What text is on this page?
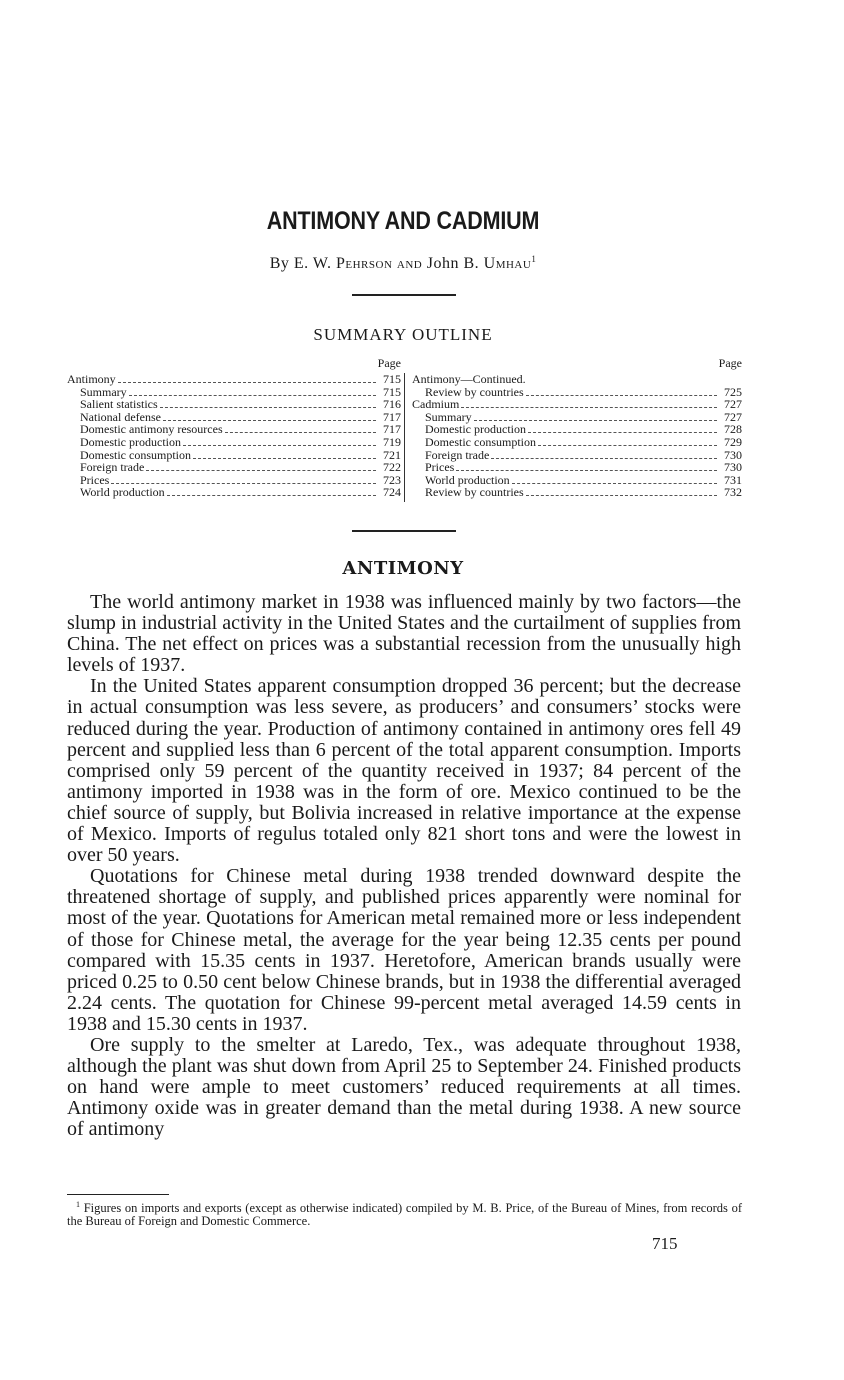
ANTIMONY AND CADMIUM
By E. W. Pehrson and John B. Umhau$^1$
SUMMARY OUTLINE
Page
Antimony	715
Summary	715
Salient statistics	716
National defense	717
Domestic antimony resources	717
Domestic production	719
Domestic consumption	721
Foreign trade	722
Prices	723
World production	724
Page
Antimony—Continued.
Review by countries	725
Cadmium	727
Summary	727
Domestic production	728
Domestic consumption	729
Foreign trade	730
Prices	730
World production	731
Review by countries	732
ANTIMONY

The world antimony market in 1938 was influenced mainly by two factors—the slump in industrial activity in the United States and the curtailment of supplies from China. The net effect on prices was a substantial recession from the unusually high levels of 1937.

In the United States apparent consumption dropped 36 percent; but the decrease in actual consumption was less severe, as producers’ and consumers’ stocks were reduced during the year. Production of antimony contained in antimony ores fell 49 percent and supplied less than 6 percent of the total apparent consumption. Imports comprised only 59 percent of the quantity received in 1937; 84 percent of the antimony imported in 1938 was in the form of ore. Mexico continued to be the chief source of supply, but Bolivia increased in relative importance at the expense of Mexico. Imports of regulus totaled only 821 short tons and were the lowest in over 50 years.

Quotations for Chinese metal during 1938 trended downward despite the threatened shortage of supply, and published prices apparently were nominal for most of the year. Quotations for American metal remained more or less independent of those for Chinese metal, the average for the year being 12.35 cents per pound compared with 15.35 cents in 1937. Heretofore, American brands usually were priced 0.25 to 0.50 cent below Chinese brands, but in 1938 the differential averaged 2.24 cents. The quotation for Chinese 99-percent metal averaged 14.59 cents in 1938 and 15.30 cents in 1937.

Ore supply to the smelter at Laredo, Tex., was adequate throughout 1938, although the plant was shut down from April 25 to September 24. Finished products on hand were ample to meet customers’ reduced requirements at all times. Antimony oxide was in greater demand than the metal during 1938. A new source of antimony

$^1$ Figures on imports and exports (except as otherwise indicated) compiled by M. B. Price, of the Bureau of Mines, from records of the Bureau of Foreign and Domestic Commerce.

715
